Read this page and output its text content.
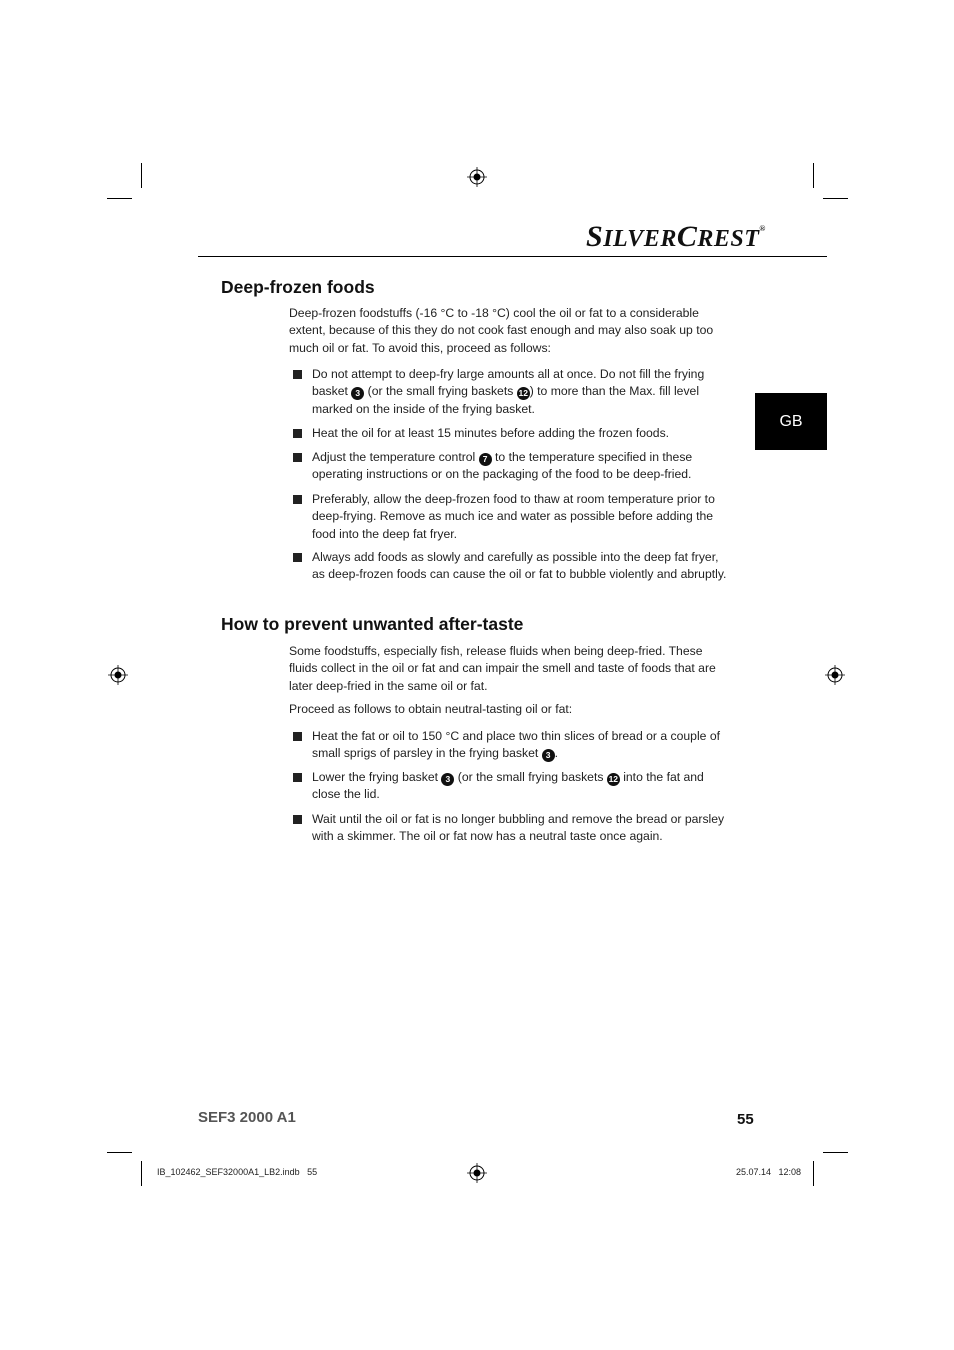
SILVERCREST®
GB
Deep-frozen foods

Deep-frozen foodstuffs (-16 °C to -18 °C) cool the oil or fat to a considerable extent, because of this they do not cook fast enough and may also soak up too much oil or fat. To avoid this, proceed as follows:

Do not attempt to deep-fry large amounts all at once. Do not fill the frying basket 3 (or the small frying baskets 12 ) to more than the Max. fill level marked on the inside of the frying basket.

Heat the oil for at least 15 minutes before adding the frozen foods.

Adjust the temperature control 7 to the temperature specified in these operating instructions or on the packaging of the food to be deep-fried.

Preferably, allow the deep-frozen food to thaw at room temperature prior to deep-frying. Remove as much ice and water as possible before adding the food into the deep fat fryer.

Always add foods as slowly and carefully as possible into the deep fat fryer, as deep-frozen foods can cause the oil or fat to bubble violently and abruptly.

How to prevent unwanted after-taste

Some foodstuffs, especially fish, release fluids when being deep-fried. These fluids collect in the oil or fat and can impair the smell and taste of foods that are later deep-fried in the same oil or fat.

Proceed as follows to obtain neutral-tasting oil or fat:

Heat the fat or oil to 150 °C and place two thin slices of bread or a couple of small sprigs of parsley in the frying basket 3 .

Lower the frying basket 3 (or the small frying baskets 12 into the fat and close the lid.

Wait until the oil or fat is no longer bubbling and remove the bread or parsley with a skimmer. The oil or fat now has a neutral taste once again.

SEF3 2000 A1	55
IB_102462_SEF32000A1_LB2.indb   55	25.07.14   12:08
